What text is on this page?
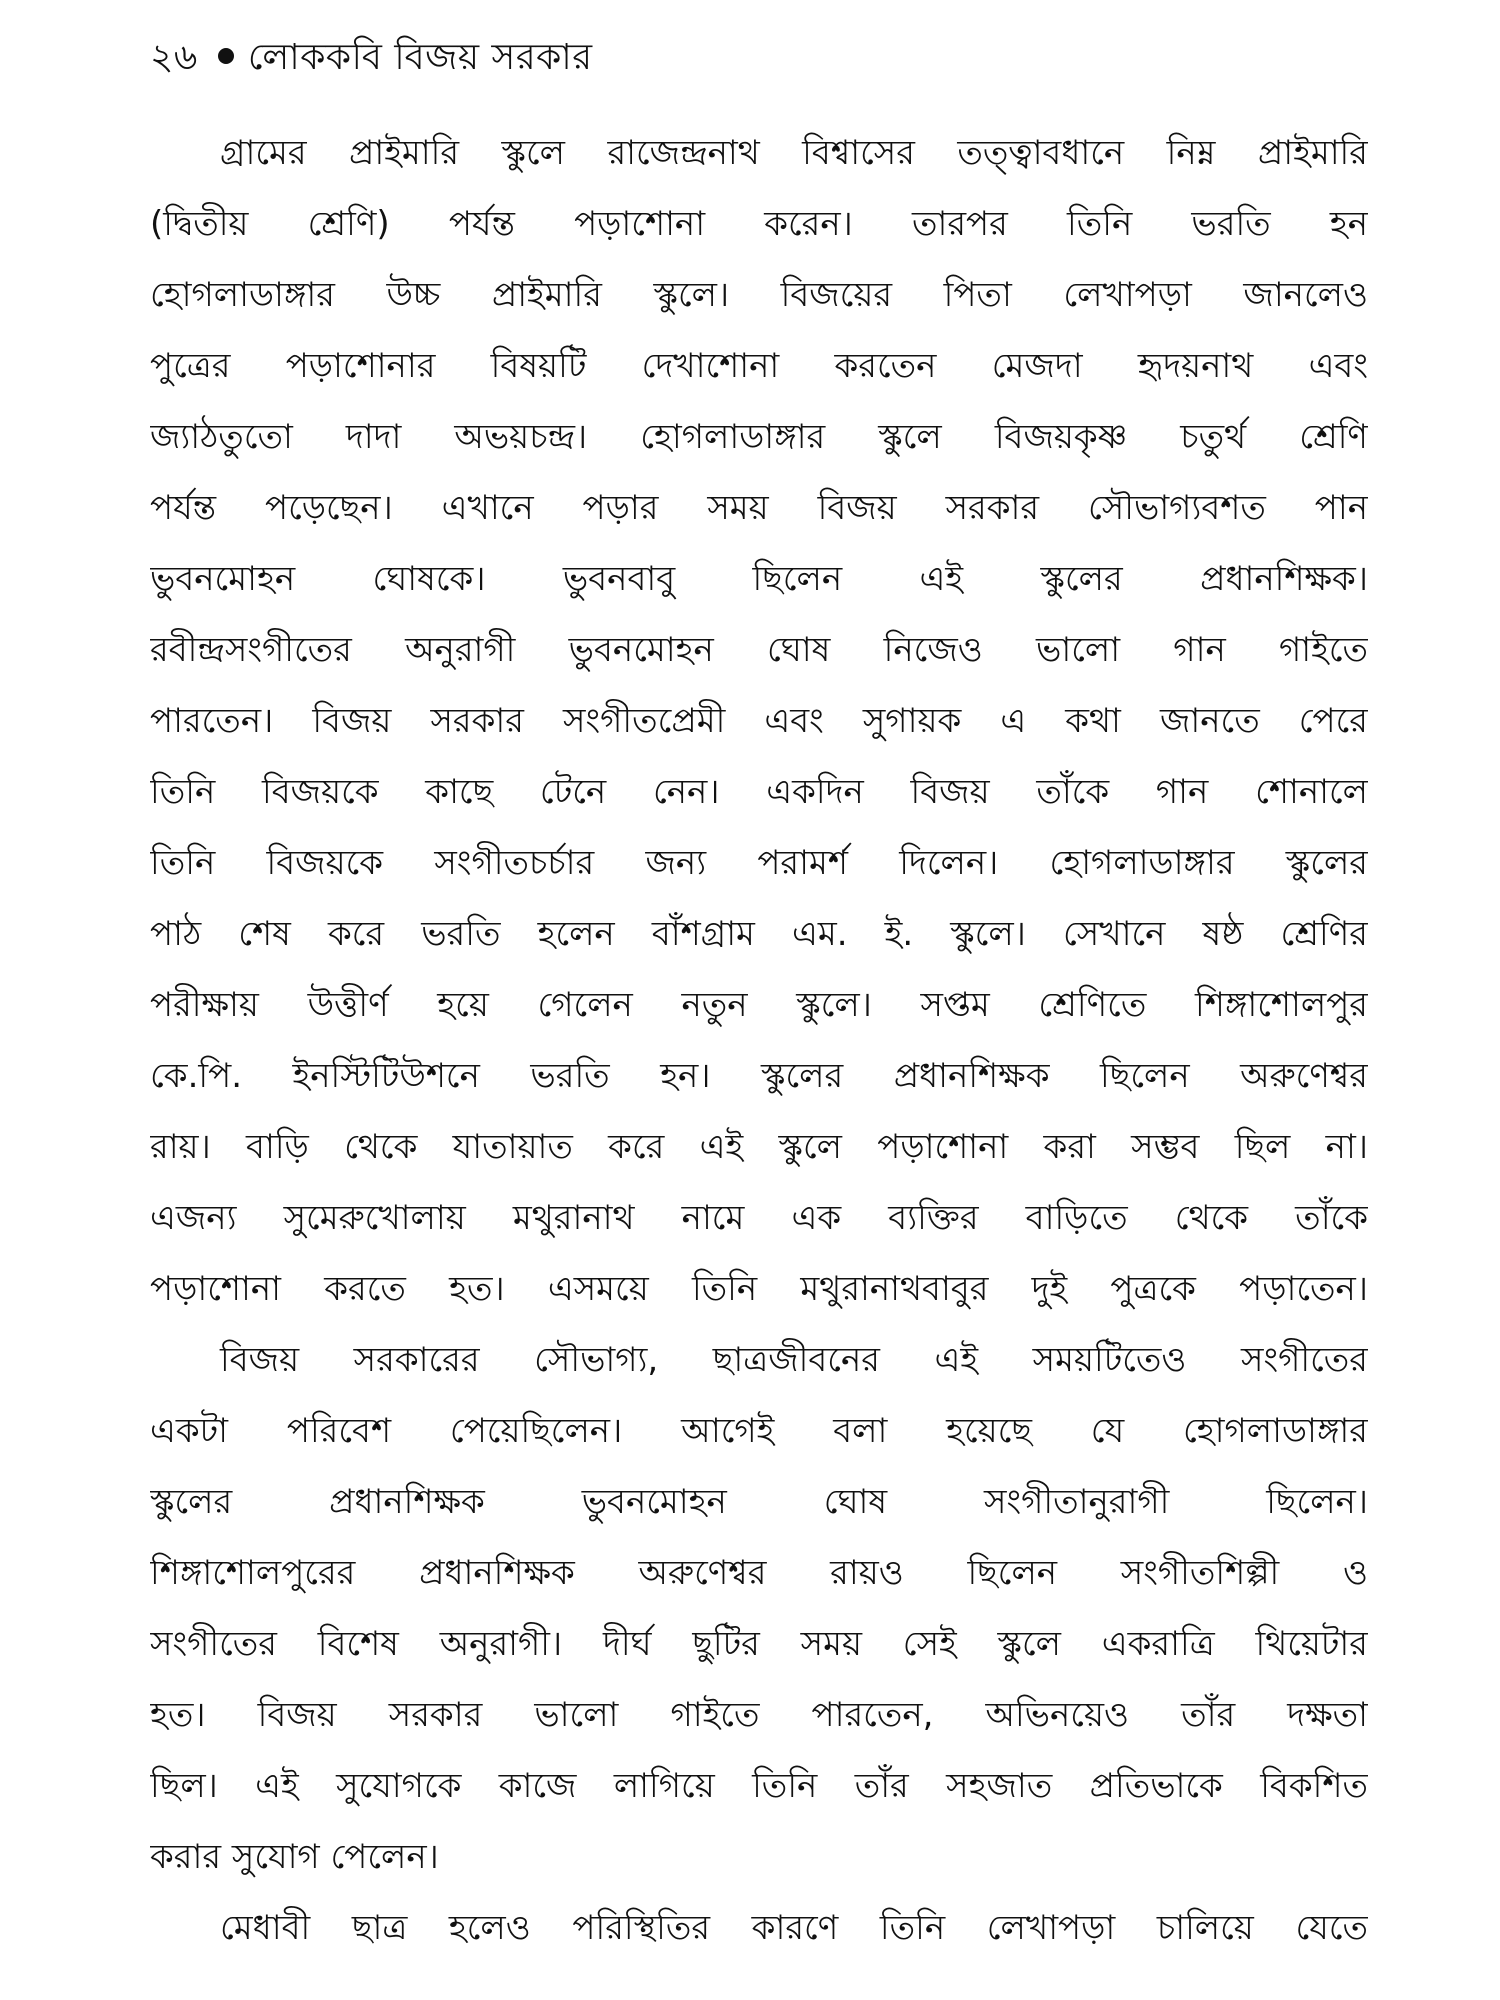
২৬ লোককবি বিজয় সরকার
গ্রামের প্রাইমারি স্কুলে রাজেন্দ্রনাথ বিশ্বাসের তত্ত্বাবধানে নিম্ন প্রাইমারি
(দ্বিতীয় শ্রেণি) পর্যন্ত পড়াশোনা করেন। তারপর তিনি ভরতি হন
হোগলাডাঙ্গার উচ্চ প্রাইমারি স্কুলে। বিজয়ের পিতা লেখাপড়া জানলেও
পুত্রের পড়াশোনার বিষয়টি দেখাশোনা করতেন মেজদা হৃদয়নাথ এবং
জ্যাঠতুতো দাদা অভয়চন্দ্র। হোগলাডাঙ্গার স্কুলে বিজয়কৃষ্ণ চতুর্থ শ্রেণি
পর্যন্ত পড়েছেন। এখানে পড়ার সময় বিজয় সরকার সৌভাগ্যবশত পান
ভুবনমোহন ঘোষকে। ভুবনবাবু ছিলেন এই স্কুলের প্রধানশিক্ষক।
রবীন্দ্রসংগীতের অনুরাগী ভুবনমোহন ঘোষ নিজেও ভালো গান গাইতে
পারতেন। বিজয় সরকার সংগীতপ্রেমী এবং সুগায়ক এ কথা জানতে পেরে
তিনি বিজয়কে কাছে টেনে নেন। একদিন বিজয় তাঁকে গান শোনালে
তিনি বিজয়কে সংগীতচর্চার জন্য পরামর্শ দিলেন। হোগলাডাঙ্গার স্কুলের
পাঠ শেষ করে ভরতি হলেন বাঁশগ্রাম এম. ই. স্কুলে। সেখানে ষষ্ঠ শ্রেণির
পরীক্ষায় উত্তীর্ণ হয়ে গেলেন নতুন স্কুলে। সপ্তম শ্রেণিতে শিঙ্গাশোলপুর
কে.পি. ইনস্টিটিউশনে ভরতি হন। স্কুলের প্রধানশিক্ষক ছিলেন অরুণেশ্বর
রায়। বাড়ি থেকে যাতায়াত করে এই স্কুলে পড়াশোনা করা সম্ভব ছিল না।
এজন্য সুমেরুখোলায় মথুরানাথ নামে এক ব্যক্তির বাড়িতে থেকে তাঁকে
পড়াশোনা করতে হত। এসময়ে তিনি মথুরানাথবাবুর দুই পুত্রকে পড়াতেন।
বিজয় সরকারের সৌভাগ্য, ছাত্রজীবনের এই সময়টিতেও সংগীতের
একটা পরিবেশ পেয়েছিলেন। আগেই বলা হয়েছে যে হোগলাডাঙ্গার
স্কুলের প্রধানশিক্ষক ভুবনমোহন ঘোষ সংগীতানুরাগী ছিলেন।
শিঙ্গাশোলপুরের প্রধানশিক্ষক অরুণেশ্বর রায়ও ছিলেন সংগীতশিল্পী ও
সংগীতের বিশেষ অনুরাগী। দীর্ঘ ছুটির সময় সেই স্কুলে একরাত্রি থিয়েটার
হত। বিজয় সরকার ভালো গাইতে পারতেন, অভিনয়েও তাঁর দক্ষতা
ছিল। এই সুযোগকে কাজে লাগিয়ে তিনি তাঁর সহজাত প্রতিভাকে বিকশিত
করার সুযোগ পেলেন।
মেধাবী ছাত্র হলেও পরিস্থিতির কারণে তিনি লেখাপড়া চালিয়ে যেতে
